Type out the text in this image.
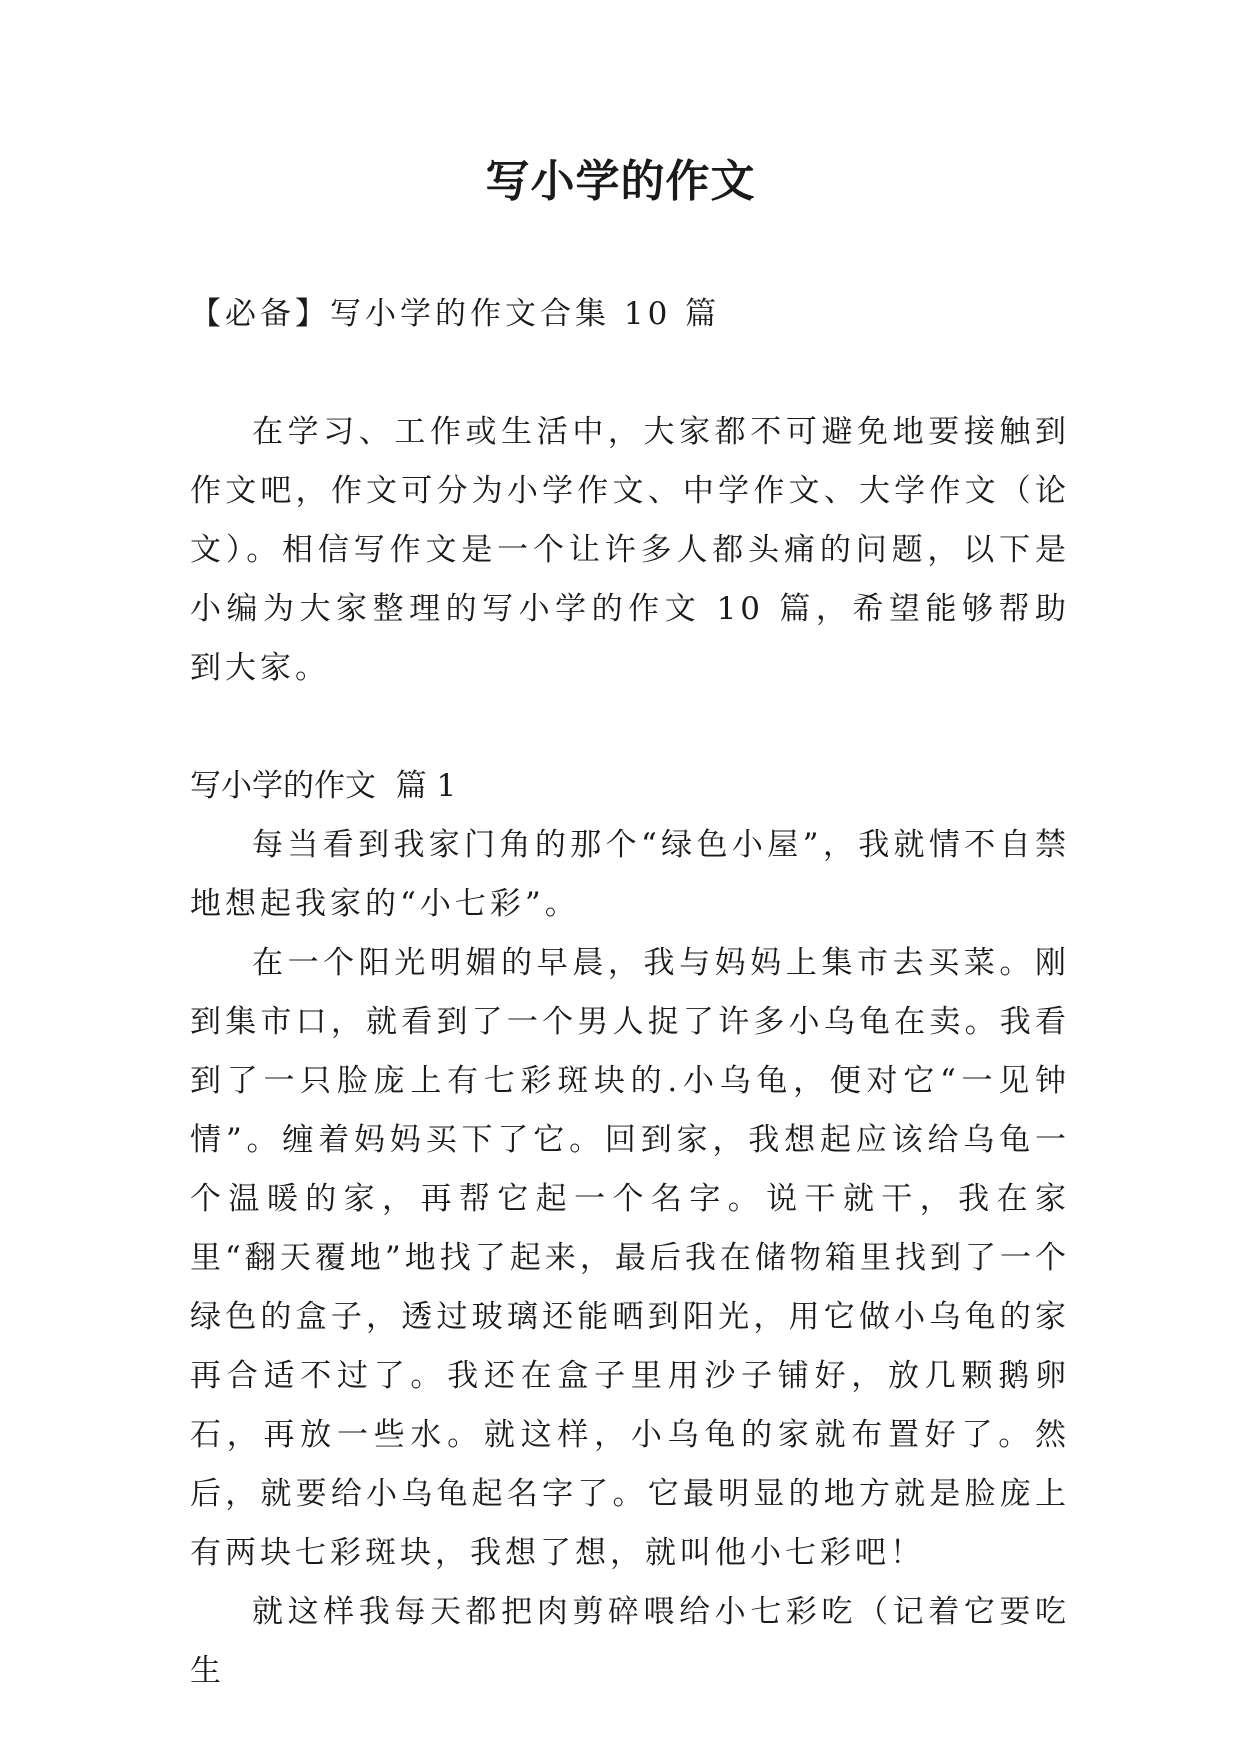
写小学的作文

【必备】写小学的作文合集 10 篇

在学习、工作或生活中，大家都不可避免地要接触到作文吧，作文可分为小学作文、中学作文、大学作文（论文）。相信写作文是一个让许多人都头痛的问题，以下是小编为大家整理的写小学的作文 10 篇，希望能够帮助到大家。

写小学的作文  篇 1

每当看到我家门角的那个“绿色小屋”，我就情不自禁地想起我家的“小七彩”。

在一个阳光明媚的早晨，我与妈妈上集市去买菜。刚到集市口，就看到了一个男人捉了许多小乌龟在卖。我看到了一只脸庞上有七彩斑块的.小乌龟，便对它“一见钟情”。缠着妈妈买下了它。回到家，我想起应该给乌龟一个温暖的家，再帮它起一个名字。说干就干，我在家里“翻天覆地”地找了起来，最后我在储物箱里找到了一个绿色的盒子，透过玻璃还能晒到阳光，用它做小乌龟的家再合适不过了。我还在盒子里用沙子铺好，放几颗鹅卵石，再放一些水。就这样，小乌龟的家就布置好了。然后，就要给小乌龟起名字了。它最明显的地方就是脸庞上有两块七彩斑块，我想了想，就叫他小七彩吧！

就这样我每天都把肉剪碎喂给小七彩吃（记着它要吃生
